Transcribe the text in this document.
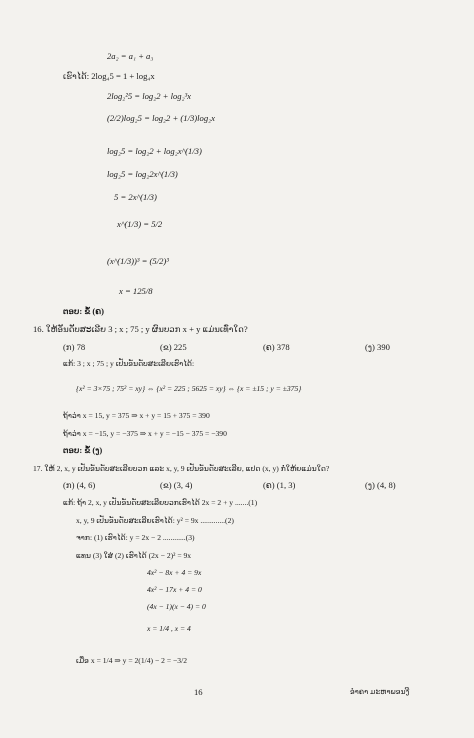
2a₂ = a₁ + a₃
ເຮົາໄດ້: 2log₄5 = 1 + log₄x
2log₂²5 = log₂2 + log₂³x
(2/2)log₂5 = log₂2 + (1/3)log₂x
log₂5 = log₂2 + log₂x^(1/3)
log₂5 = log₂2x^(1/3)
5 = 2x^(1/3)
x^(1/3) = 5/2
(x^(1/3))³ = (5/2)³
x = 125/8
ຕອບ: ຂໍ້ (ຄ)
16. ໃຫ້ອັນດັບສະເລີຍ 3 ; x ; 75 ; y ຜົນບວກ x + y ແມ່ນເທົ່າໃດ?
(ກ) 78	(ຂ) 225	(ຄ) 378	(ງ) 390
ແກ້: 3 ; x ; 75 ; y ເປັນອັນດັບສະເລີຍເຮົາໄດ້:
{x² = 3×75 ; 75² = xy} ⇔ {x² = 225 ; 5625 = xy} ⇔ {x = ±15 ; y = ±375}
ຖ້າວ່າ x = 15, y = 375 ⇒ x + y = 15 + 375 = 390
ຖ້າວ່າ x = −15, y = −375 ⇒ x + y = −15 − 375 = −390
ຕອບ: ຂໍ້ (ງ)
17. ໃຫ້ 2, x, y ເປັນອັນດັບສະເລີຍບວກ ແລະ x, y, 9 ເປັນອັນດັບສະເລີຍ, ແປດ (x, y) ກໍ່ໃຫ້ຍແມ່ນໃດ?
(ກ) (4, 6)	(ຂ) (3, 4)	(ຄ) (1, 3)	(ງ) (4, 8)
ແກ້: ຖ້າ 2, x, y ເປັນອັນດັບສະເລີຍບວກເຮົາໄດ້ 2x = 2 + y .......(1)
x, y, 9 ເປັນອັນດັບສະເລີຍເຮົາໄດ້: y² = 9x .............(2)
ຈາກ: (1) ເຮົາໄດ້: y = 2x − 2 ............(3)
ແທນ (3) ໃສ່ (2) ເຮົາໄດ້ (2x − 2)² = 9x
4x² − 8x + 4 = 9x
4x² − 17x + 4 = 0
(4x − 1)(x − 4) = 0
x = 1/4 , x = 4
ເມື່ອ x = 1/4 ⇒ y = 2(1/4) − 2 = −3/2
16	ອໍາຄາ ມະຫາພອນງີ
